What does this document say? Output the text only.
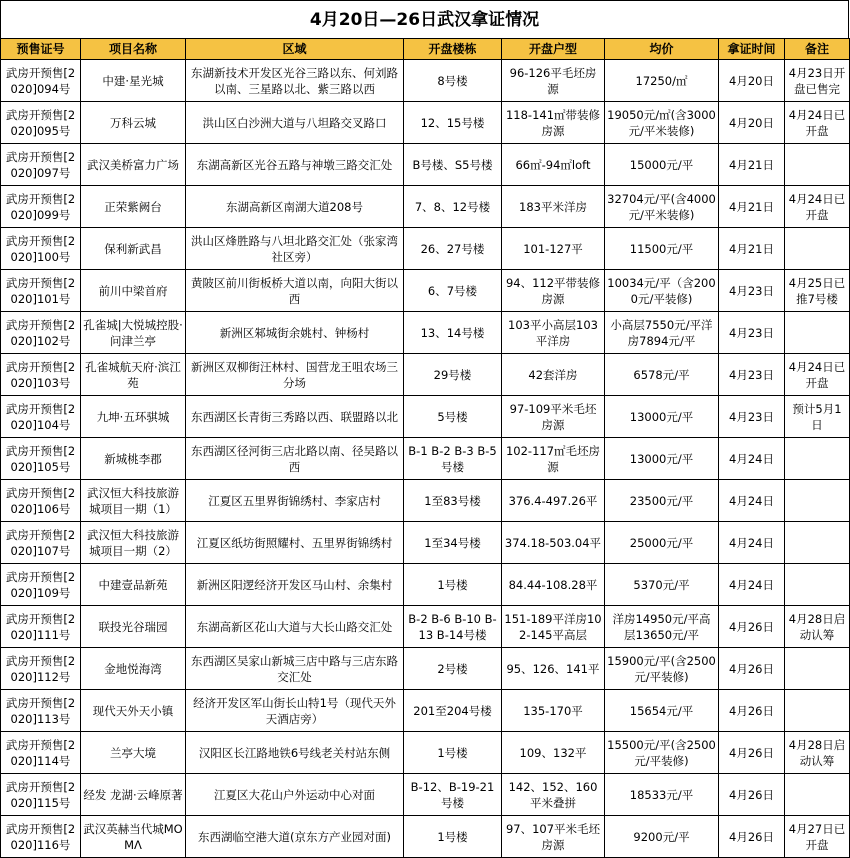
4月20日—26日武汉拿证情况
预售证号	项目名称	区域	开盘楼栋	开盘户型	均价	拿证时间	备注
武房开预售[2020]094号	中建·星光城	东湖新技术开发区光谷三路以东、何刘路以南、三星路以北、紫三路以西	8号楼	96-126平毛坯房源	17250/㎡	4月20日	4月23日开盘已售完
武房开预售[2020]095号	万科云城	洪山区白沙洲大道与八坦路交叉路口	12、15号楼	118-141㎡带装修房源	19050元/㎡(含3000元/平米装修)	4月20日	4月24日已开盘
武房开预售[2020]097号	武汉美桥富力广场	东湖高新区光谷五路与神墩三路交汇处	B号楼、S5号楼	66㎡-94㎡loft	15000元/平	4月21日	
武房开预售[2020]099号	正荣紫阙台	东湖高新区南湖大道208号	7、8、12号楼	183平米洋房	32704元/平(含4000元/平米装修)	4月21日	4月24日已开盘
武房开预售[2020]100号	保利新武昌	洪山区烽胜路与八坦北路交汇处（张家湾社区旁）	26、27号楼	101-127平	11500元/平	4月21日	
武房开预售[2020]101号	前川中梁首府	黄陂区前川街板桥大道以南，向阳大街以西	6、7号楼	94、112平带装修房源	10034元/平（含2000元/平装修)	4月23日	4月25日已推7号楼
武房开预售[2020]102号	孔雀城|大悦城控股·问津兰亭	新洲区邾城街余姚村、钟杨村	13、14号楼	103平小高层103平洋房	小高层7550元/平洋房7894元/平	4月23日	
武房开预售[2020]103号	孔雀城航天府·滨江苑	新洲区双柳街汪林村、国营龙王咀农场三分场	29号楼	42套洋房	6578元/平	4月23日	4月24日已开盘
武房开预售[2020]104号	九坤·五环骐城	东西湖区长青街三秀路以西、联盟路以北	5号楼	97-109平米毛坯房源	13000元/平	4月23日	预计5月1日
武房开预售[2020]105号	新城桃李郡	东西湖区径河街三店北路以南、径吴路以西	B-1 B-2 B-3 B-5号楼	102-117㎡毛坯房源	13000元/平	4月24日	
武房开预售[2020]106号	武汉恒大科技旅游城项目一期（1）	江夏区五里界街锦绣村、李家店村	1至83号楼	376.4-497.26平	23500元/平	4月24日	
武房开预售[2020]107号	武汉恒大科技旅游城项目一期（2）	江夏区纸坊街照耀村、五里界街锦绣村	1至34号楼	374.18-503.04平	25000元/平	4月24日	
武房开预售[2020]109号	中建壹品新苑	新洲区阳逻经济开发区马山村、余集村	1号楼	84.44-108.28平	5370元/平	4月24日	
武房开预售[2020]111号	联投光谷瑞园	东湖高新区花山大道与大长山路交汇处	B-2 B-6 B-10 B-13 B-14号楼	151-189平洋房102-145平高层	洋房14950元/平高层13650元/平	4月26日	4月28日启动认筹
武房开预售[2020]112号	金地悦海湾	东西湖区吴家山新城三店中路与三店东路交汇处	2号楼	95、126、141平	15900元/平(含2500元/平装修)	4月26日	
武房开预售[2020]113号	现代天外天小镇	经济开发区军山街长山特1号（现代天外天酒店旁）	201至204号楼	135-170平	15654元/平	4月26日	
武房开预售[2020]114号	兰亭大境	汉阳区长江路地铁6号线老关村站东侧	1号楼	109、132平	15500元/平(含2500元/平装修)	4月26日	4月28日启动认筹
武房开预售[2020]115号	经发 龙湖·云峰原著	江夏区大花山户外运动中心对面	B-12、B-19-21号楼	142、152、160平米叠拼	18533元/平	4月26日	
武房开预售[2020]116号	武汉英赫当代城MOMΛ	东西湖临空港大道(京东方产业园对面)	1号楼	97、107平米毛坯房源	9200元/平	4月26日	4月27日已开盘
